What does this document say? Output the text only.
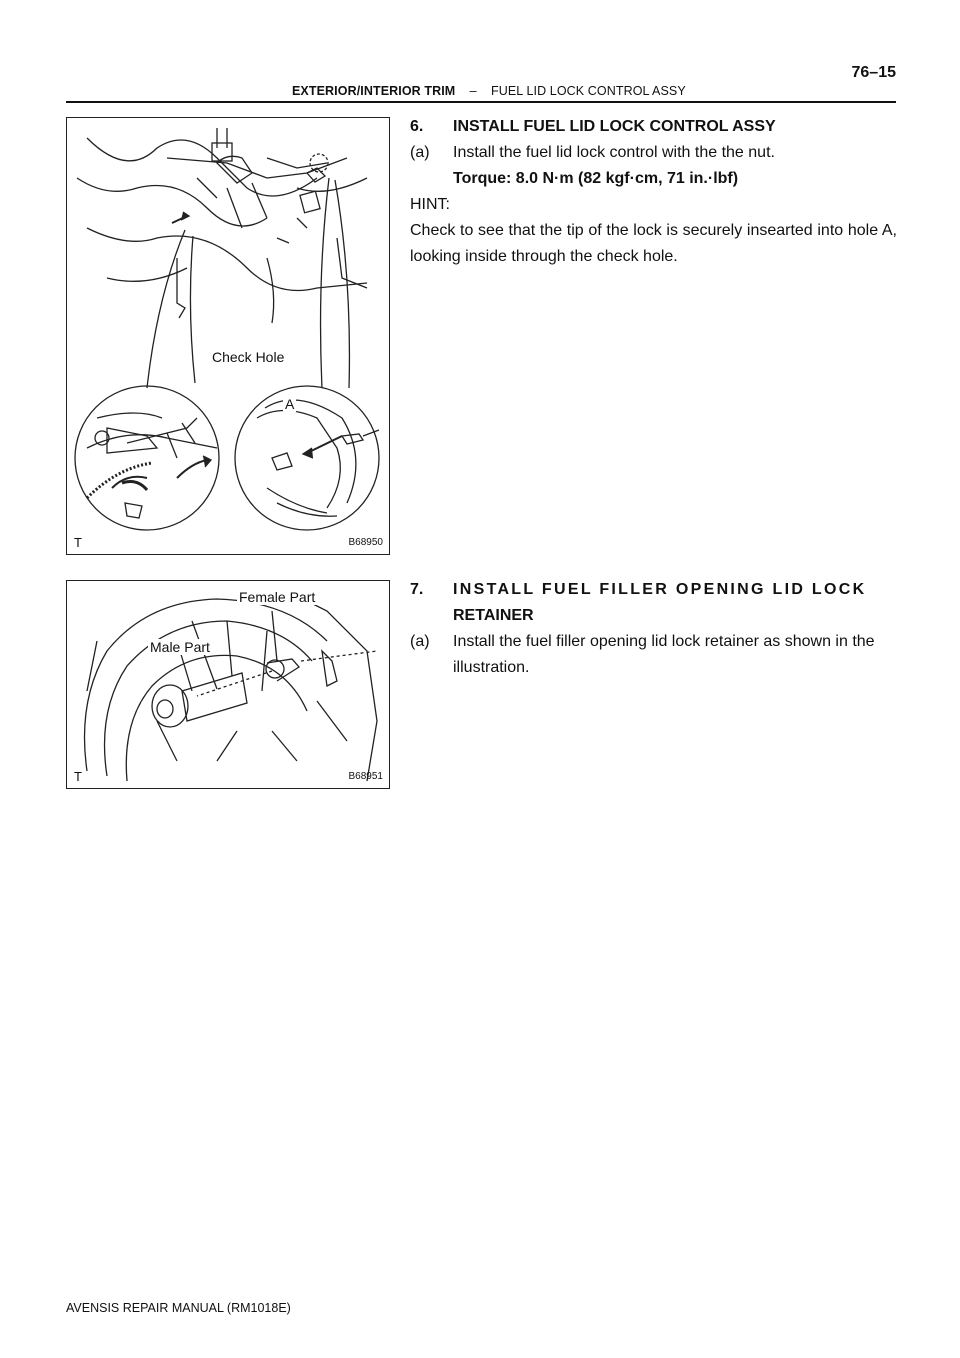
EXTERIOR/INTERIOR TRIM – FUEL LID LOCK CONTROL ASSY
76–15
Check Hole
A
T	B68950
Female Part
Male Part
T	B68951
6.	INSTALL FUEL LID LOCK CONTROL ASSY
(a)	Install the fuel lid lock control with the the nut.
Torque: 8.0 N·m (82 kgf·cm, 71 in.·lbf)
HINT:
Check to see that the tip of the lock is securely insearted into hole A, looking inside through the check hole.
7.	INSTALL FUEL FILLER OPENING LID LOCK
RETAINER
(a)	Install the fuel filler opening lid lock retainer as shown in the illustration.
AVENSIS REPAIR MANUAL (RM1018E)
